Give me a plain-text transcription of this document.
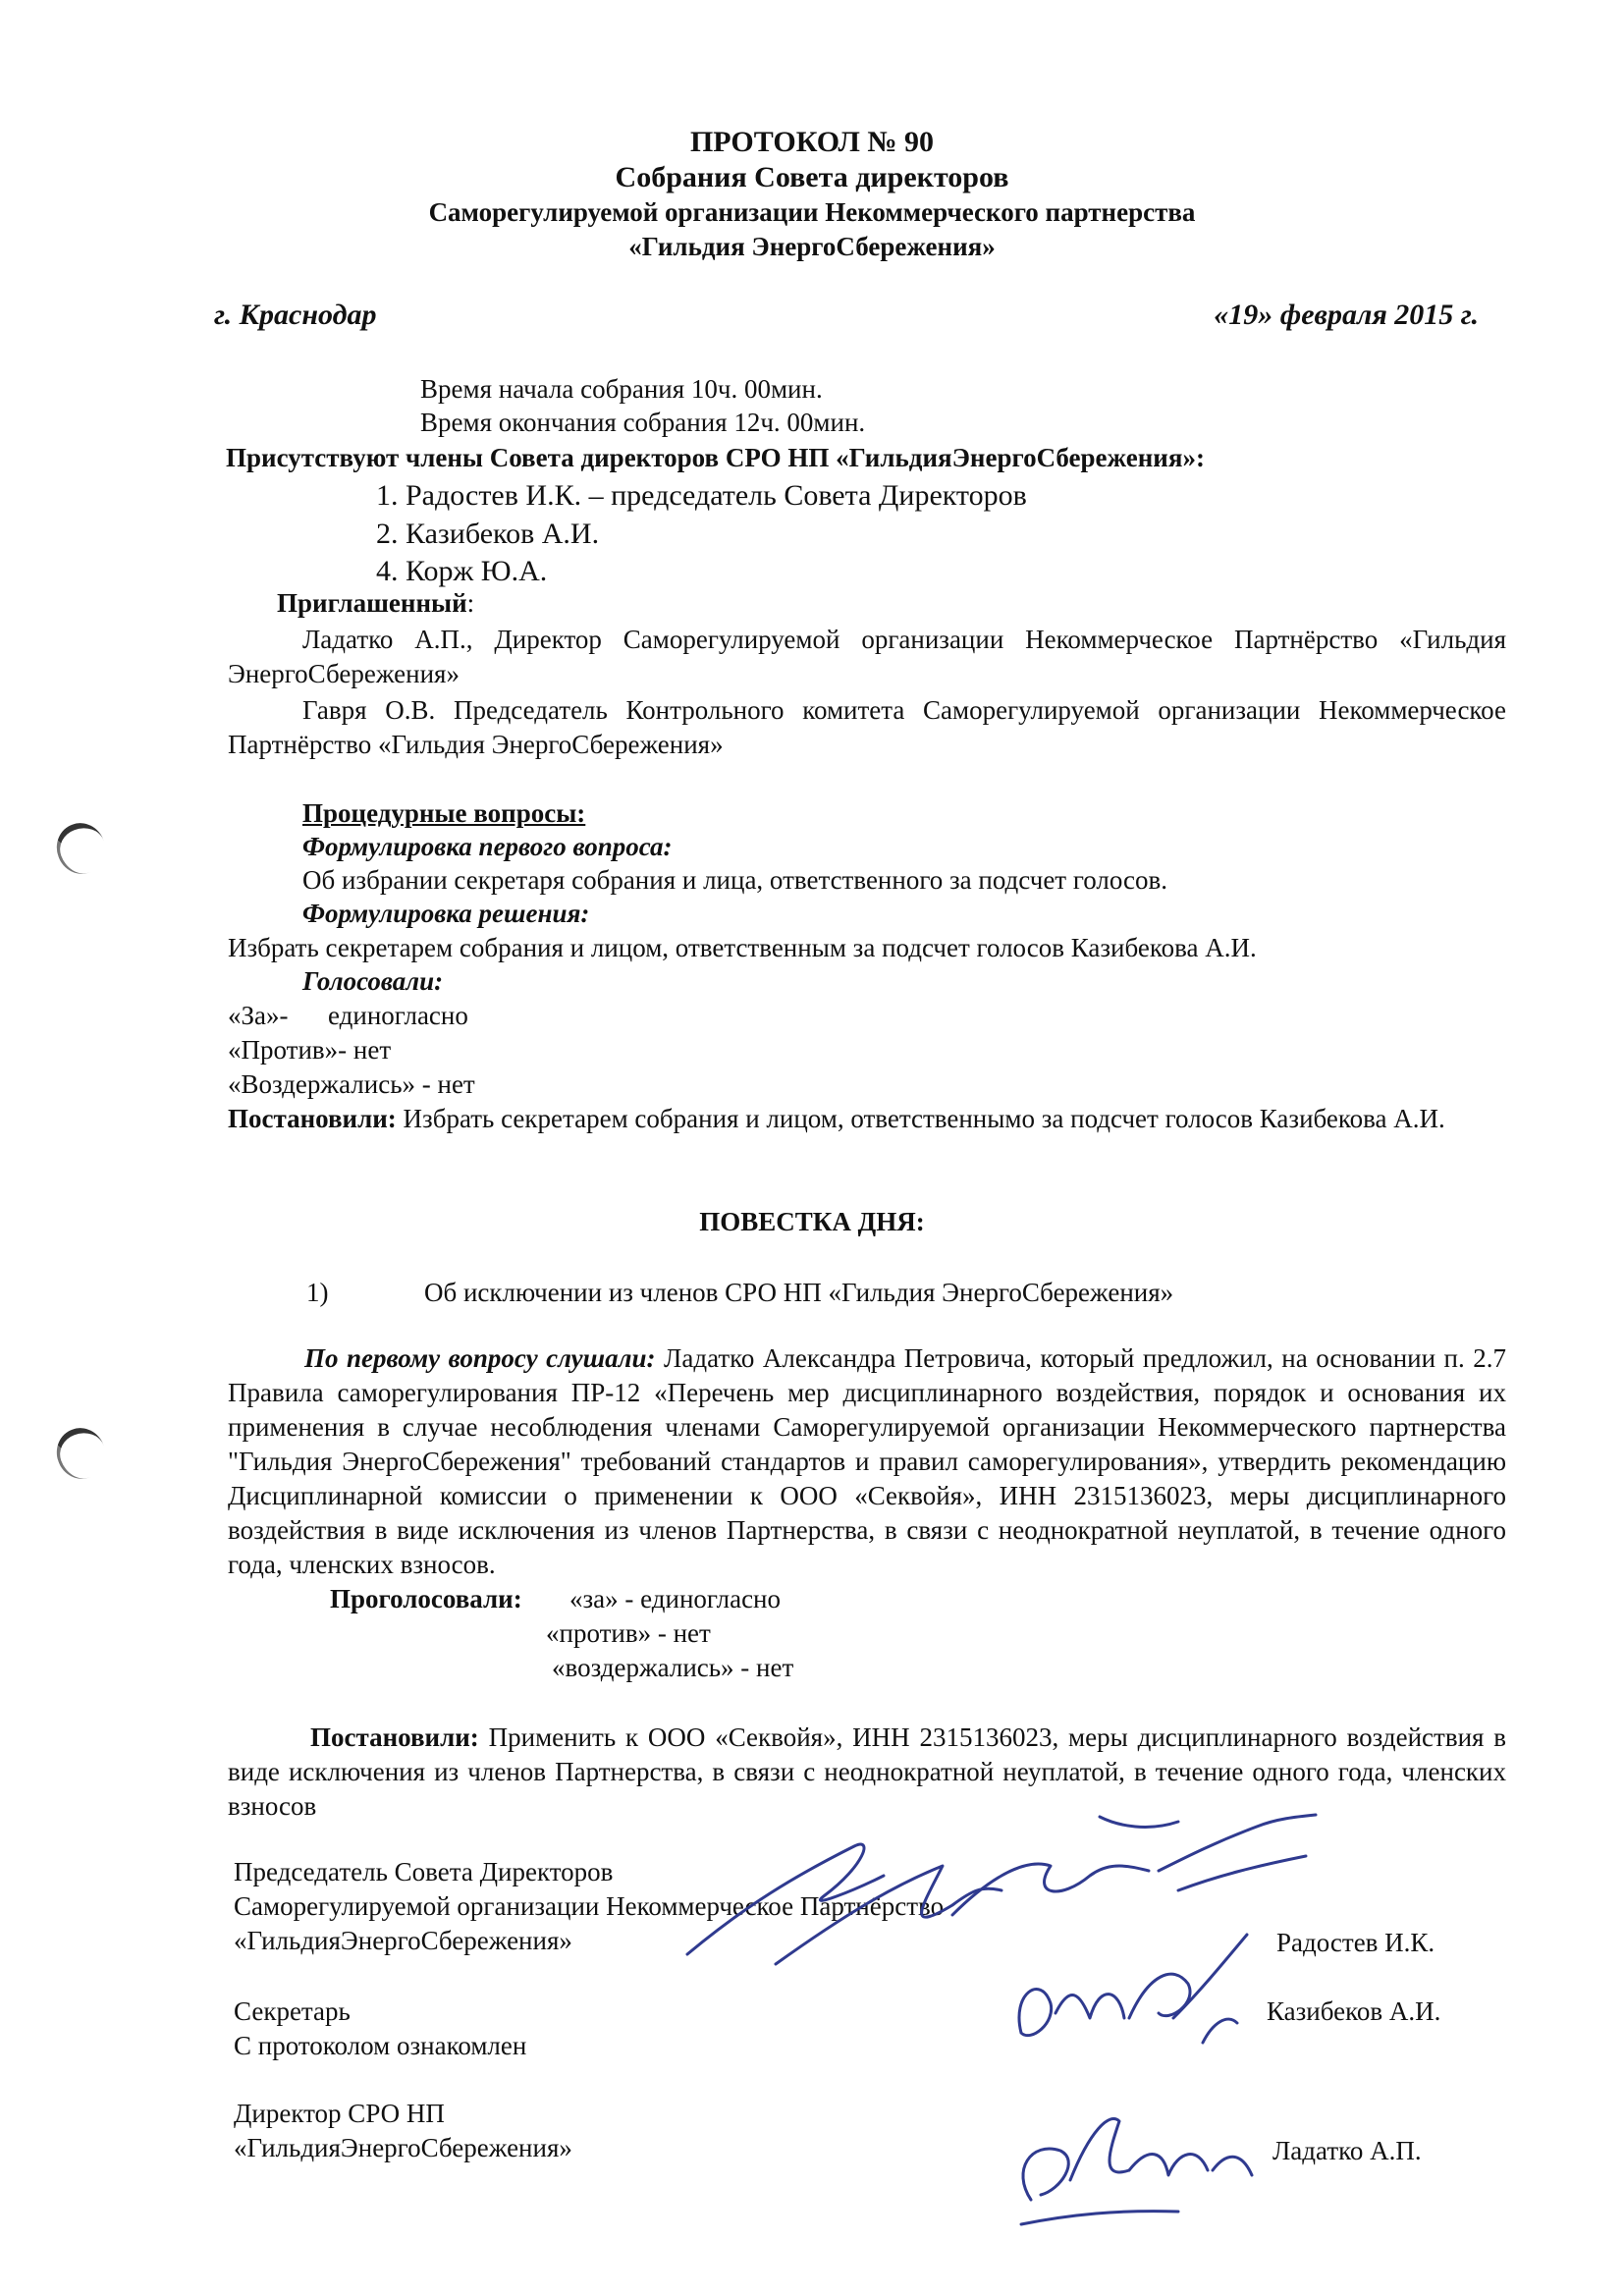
ПРОТОКОЛ № 90
Собрания Совета директоров
Саморегулируемой организации Некоммерческого партнерства
«Гильдия ЭнергоСбережения»
г. Краснодар	«19» февраля 2015 г.
Время начала собрания 10ч. 00мин.
Время окончания собрания 12ч. 00мин.
Присутствуют члены Совета директоров СРО НП «ГильдияЭнергоСбережения»:
1. Радостев И.К. – председатель Совета Директоров
2. Казибеков А.И.
4. Корж Ю.А.
Приглашенный:
Ладатко А.П., Директор Саморегулируемой организации Некоммерческое Партнёрство «Гильдия ЭнергоСбережения»
Гавря О.В. Председатель Контрольного комитета Саморегулируемой организации Некоммерческое Партнёрство «Гильдия ЭнергоСбережения»
Процедурные вопросы:
Формулировка первого вопроса:
Об избрании секретаря собрания и лица, ответственного за подсчет голосов.
Формулировка решения:
Избрать секретарем собрания и лицом, ответственным за подсчет голосов Казибекова А.И.
Голосовали:
«За»-      единогласно
«Против»- нет
«Воздержались» - нет
Постановили: Избрать секретарем собрания и лицом, ответственнымо за подсчет голосов Казибекова А.И.
ПОВЕСТКА ДНЯ:
1)	Об исключении из членов СРО НП «Гильдия ЭнергоСбережения»
По первому вопросу слушали: Ладатко Александра Петровича, который предложил, на основании п. 2.7 Правила саморегулирования ПР-12 «Перечень мер дисциплинарного воздействия, порядок и основания их применения в случае несоблюдения членами Саморегулируемой организации Некоммерческого партнерства "Гильдия ЭнергоСбережения" требований стандартов и правил саморегулирования», утвердить рекомендацию Дисциплинарной комиссии о применении к ООО «Секвойя», ИНН 2315136023, меры дисциплинарного воздействия в виде исключения из членов Партнерства, в связи с неоднократной неуплатой, в течение одного года, членских взносов.
Проголосовали: «за» - единогласно
«против» - нет
«воздержались» - нет
Постановили: Применить к ООО «Секвойя», ИНН 2315136023, меры дисциплинарного воздействия в виде исключения из членов Партнерства, в связи с неоднократной неуплатой, в течение одного года, членских взносов
Председатель Совета Директоров
Саморегулируемой организации Некоммерческое Партнёрство
«ГильдияЭнергоСбережения»	Радостев И.К.
Секретарь
С протоколом ознакомлен
Казибеков А.И.
Директор СРО НП
«ГильдияЭнергоСбережения»	Ладатко А.П.
